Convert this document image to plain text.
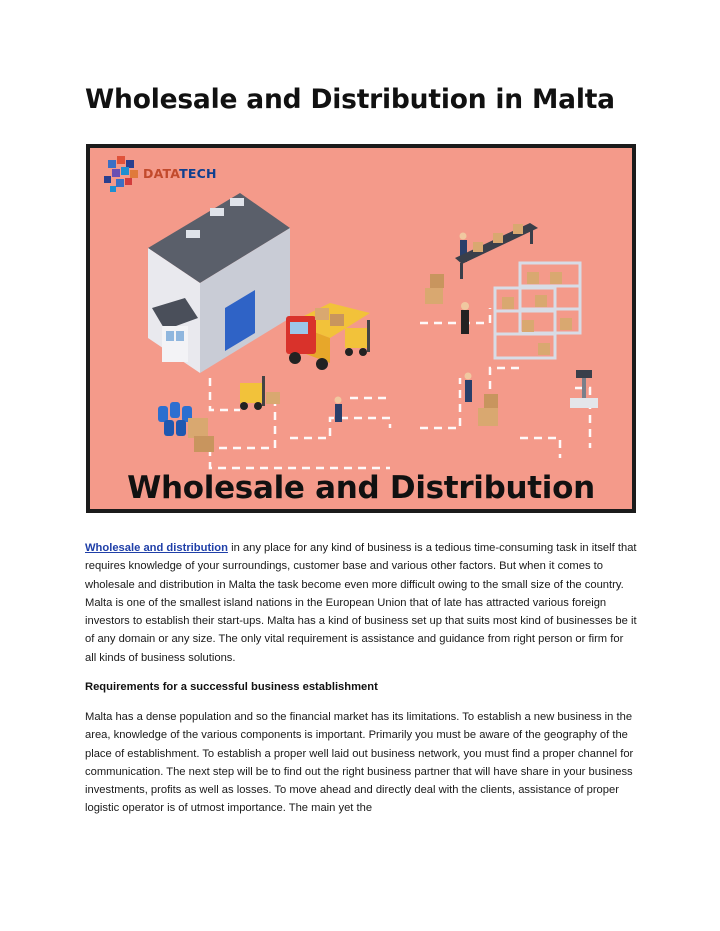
Wholesale and Distribution in Malta
DATATECH
Wholesale and Distribution

Wholesale and distribution in any place for any kind of business is a tedious time-consuming task in itself that requires knowledge of your surroundings, customer base and various other factors. But when it comes to wholesale and distribution in Malta the task become even more difficult owing to the small size of the country. Malta is one of the smallest island nations in the European Union that of late has attracted various foreign investors to establish their start-ups. Malta has a kind of business set up that suits most kind of businesses be it of any domain or any size. The only vital requirement is assistance and guidance from right person or firm for all kinds of business solutions.

Requirements for a successful business establishment

Malta has a dense population and so the financial market has its limitations. To establish a new business in the area, knowledge of the various components is important. Primarily you must be aware of the geography of the place of establishment. To establish a proper well laid out business network, you must find a proper channel for communication. The next step will be to find out the right business partner that will have share in your business investments, profits as well as losses. To move ahead and directly deal with the clients, assistance of proper logistic operator is of utmost importance. The main yet the
